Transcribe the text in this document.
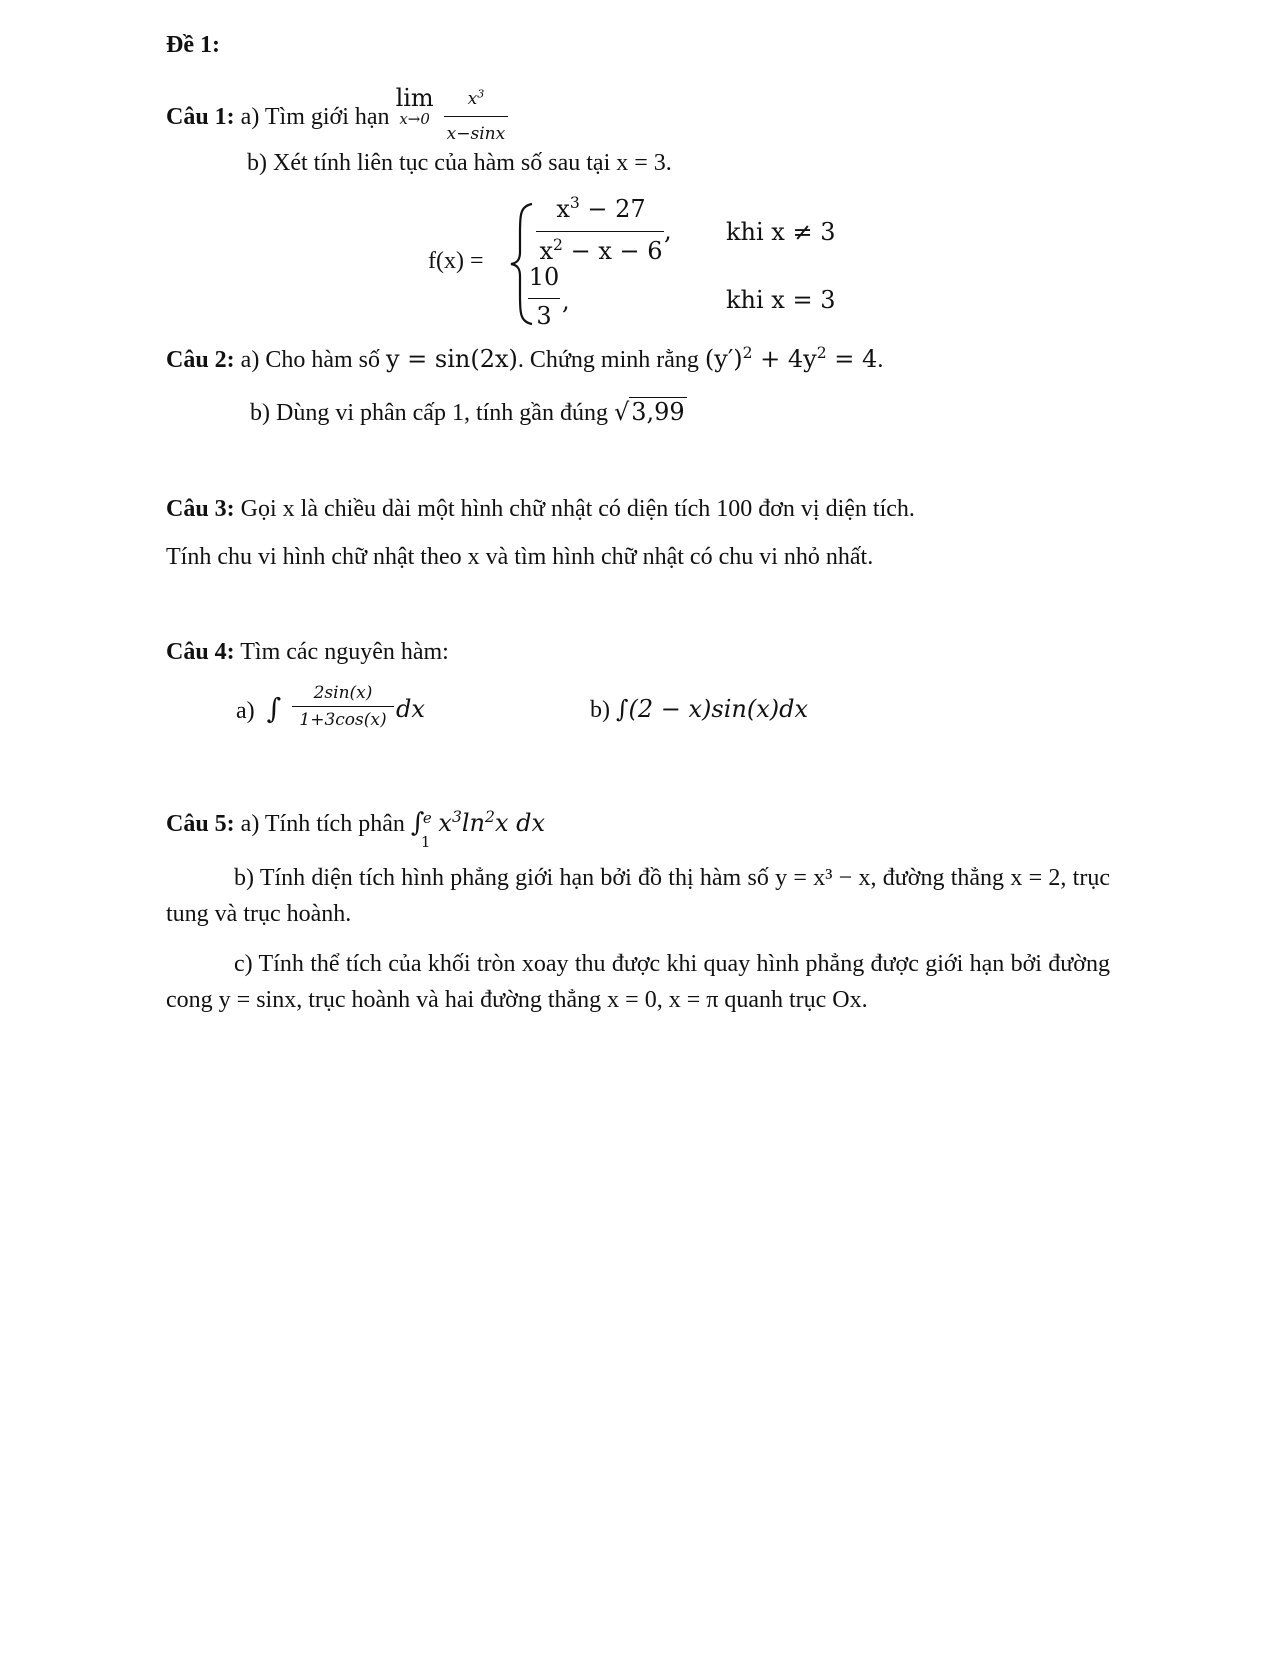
Đề 1:
Câu 1: a) Tìm giới hạn
lim
x→0
$\frac{x^3}{x-\sin x}$
b) Xét tính liên tục của hàm số sau tại x = 3.
f(x) =
$x^3 - 27$
$x^2 - x - 6$
, khi x ≠ 3
10
3
,	khi x = 3
Câu 2: a) Cho hàm số y = sin(2x). Chứng minh rằng $(y')^2 + 4y^2 = 4$.
b) Dùng vi phân cấp 1, tính gần đúng √3,99
Câu 3: Gọi x là chiều dài một hình chữ nhật có diện tích 100 đơn vị diện tích.
Tính chu vi hình chữ nhật theo x và tìm hình chữ nhật có chu vi nhỏ nhất.
Câu 4: Tìm các nguyên hàm:
a) ∫	2sin(x)
1+3cos(x) dx	b) ∫(2 − x)sin(x)dx
Câu 5: a) Tính tích phân ∫
e
1
$x^3\ln^2x$ dx
b) Tính diện tích hình phẳng giới hạn bởi đồ thị hàm số y = x³ − x, đường thẳng x = 2, trục tung và trục hoành.
c) Tính thể tích của khối tròn xoay thu được khi quay hình phẳng được giới hạn bởi đường cong y = sinx, trục hoành và hai đường thẳng x = 0, x = π quanh trục Ox.
